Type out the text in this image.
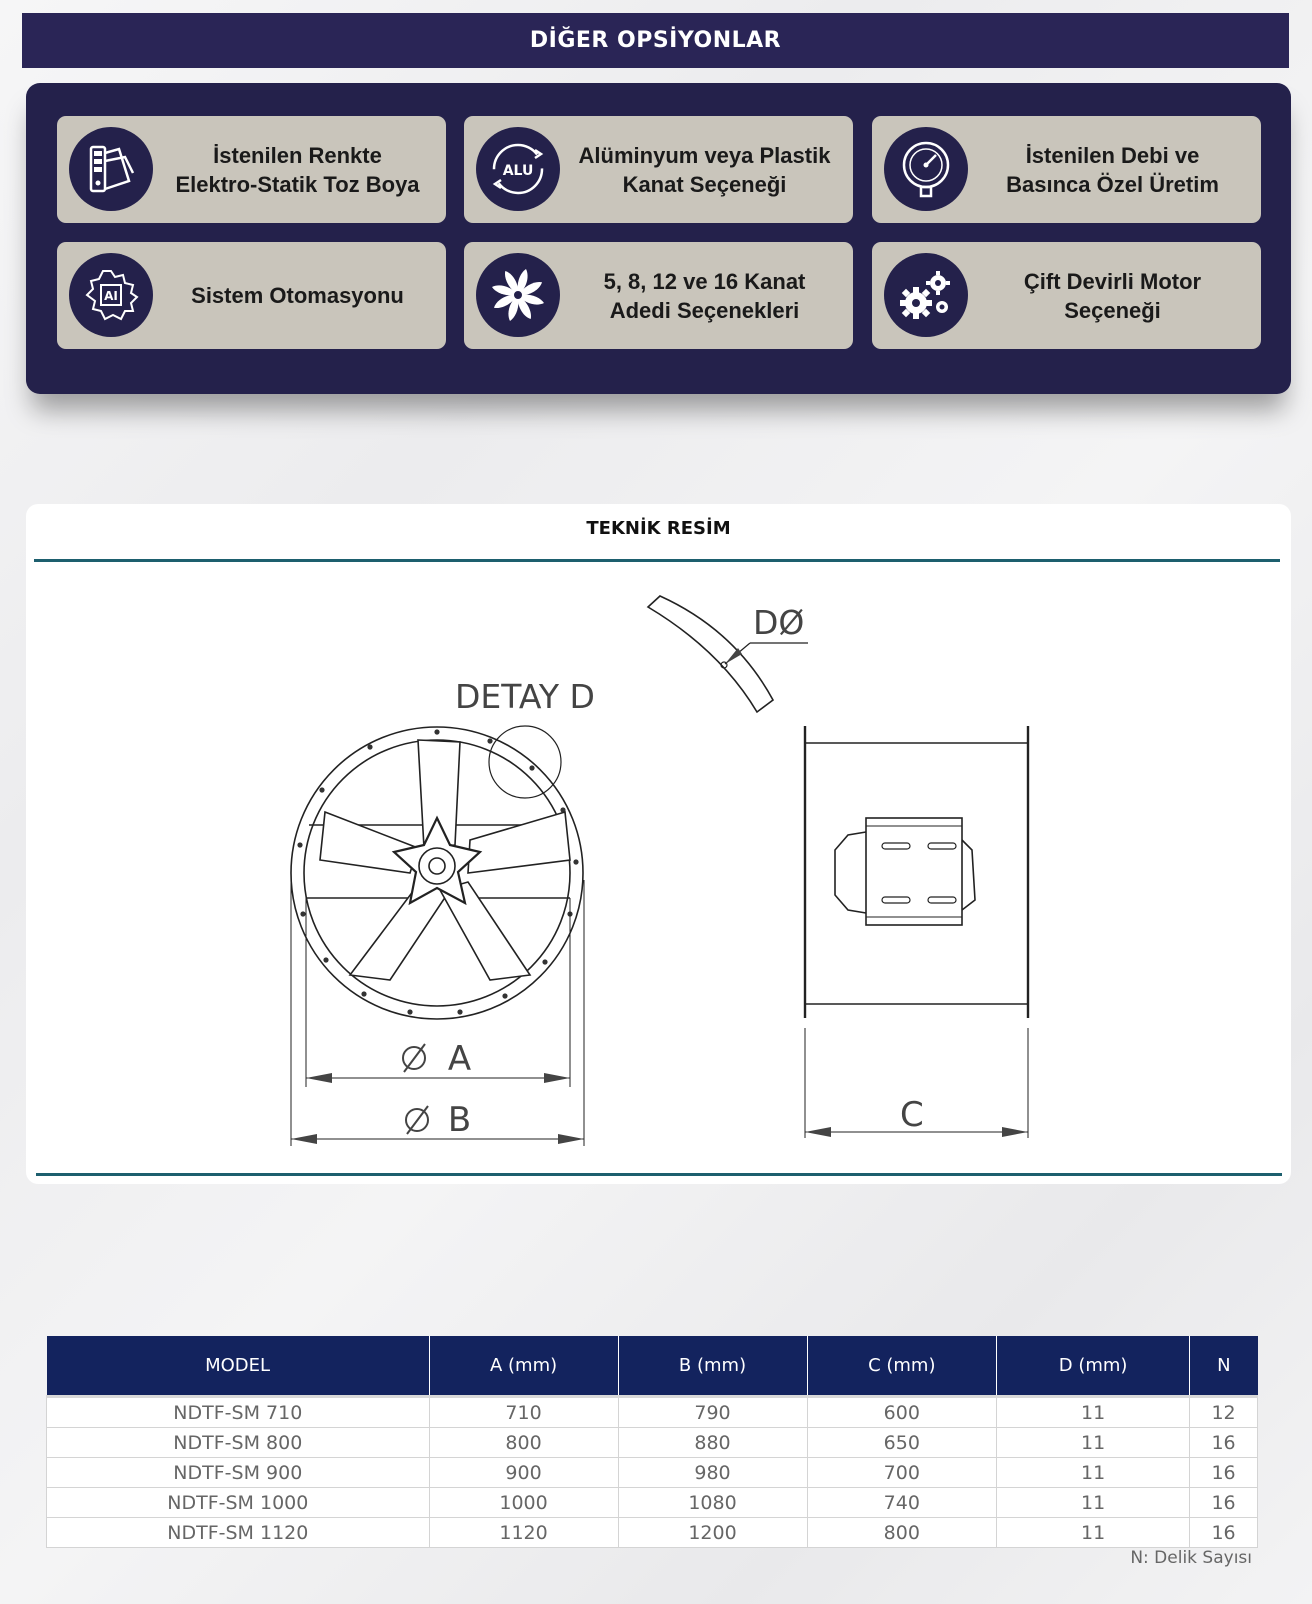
DİĞER OPSİYONLAR
İstenilen Renkte
Elektro-Statik Toz Boya
ALU
Alüminyum veya Plastik
Kanat Seçeneği
İstenilen Debi ve
Basınca Özel Üretim
AI	Sistem Otomasyonu
5, 8, 12 ve 16 Kanat
Adedi Seçenekleri
Çift Devirli Motor
Seçeneği
TEKNİK RESİM
DETAY D
DØ
.A
.B	C
MODEL	A (mm)	B (mm)	C (mm)	D (mm)	N
NDTF-SM 710	710	790	600	11	12
NDTF-SM 800	800	880	650	11	16
NDTF-SM 900	900	980	700	11	16
NDTF-SM 1000	1000	1080	740	11	16
NDTF-SM 1120	1120	1200	800	11	16
N: Delik Sayısı
